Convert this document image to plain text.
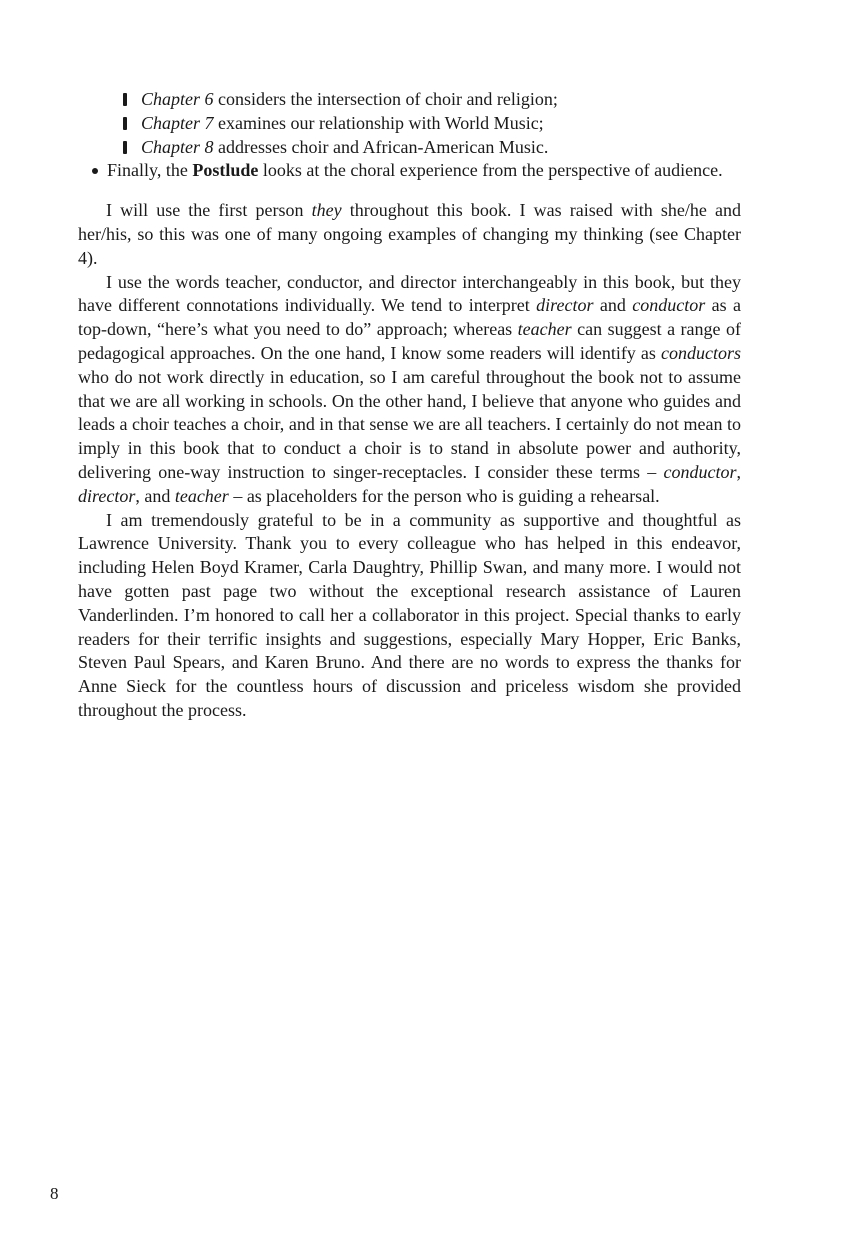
Chapter 6 considers the intersection of choir and religion;
Chapter 7 examines our relationship with World Music;
Chapter 8 addresses choir and African-American Music.
Finally, the Postlude looks at the choral experience from the perspective of audience.

I will use the first person they throughout this book. I was raised with she/he and her/his, so this was one of many ongoing examples of changing my thinking (see Chapter 4).

I use the words teacher, conductor, and director interchangeably in this book, but they have different connotations individually. We tend to interpret director and conductor as a top-down, “here’s what you need to do” approach; whereas teacher can suggest a range of pedagogical approaches. On the one hand, I know some readers will identify as conductors who do not work directly in education, so I am careful throughout the book not to assume that we are all working in schools. On the other hand, I believe that anyone who guides and leads a choir teaches a choir, and in that sense we are all teachers. I certainly do not mean to imply in this book that to conduct a choir is to stand in absolute power and authority, delivering one-way instruction to singer-receptacles. I consider these terms – conductor, director, and teacher – as placeholders for the person who is guiding a rehearsal.

I am tremendously grateful to be in a community as supportive and thoughtful as Lawrence University. Thank you to every colleague who has helped in this endeavor, including Helen Boyd Kramer, Carla Daughtry, Phillip Swan, and many more. I would not have gotten past page two without the exceptional research assistance of Lauren Vanderlinden. I’m honored to call her a collaborator in this project. Special thanks to early readers for their terrific insights and suggestions, especially Mary Hopper, Eric Banks, Steven Paul Spears, and Karen Bruno. And there are no words to express the thanks for Anne Sieck for the countless hours of discussion and priceless wisdom she provided throughout the process.

8
